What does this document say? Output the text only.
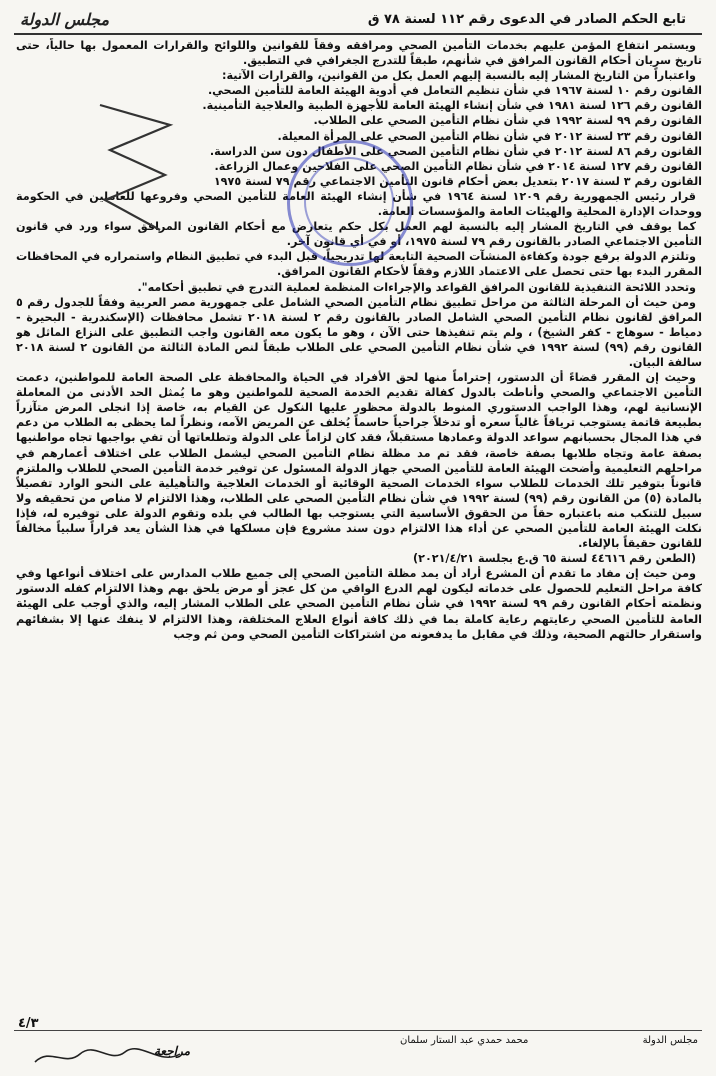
مجلس الدولة	تابع الحكم الصادر في الدعوى رقم ١١٢ لسنة ٧٨ ق

ويستمر انتفاع المؤمن عليهم بخدمات التأمين الصحي ومرافقه وفقاً للقوانين واللوائح والقرارات المعمول بها حالياً، حتى تاريخ سريان أحكام القانون المرافق في شأنهم، طبقاً للتدرج الجغرافي في التطبيق.

واعتباراً من التاريخ المشار إليه بالنسبة إليهم العمل بكل من القوانين، والقرارات الآتية:

القانون رقم ١٠ لسنة ١٩٦٧ في شأن تنظيم التعامل في أدوية الهيئة العامة للتأمين الصحي.
القانون رقم ١٢٦ لسنة ١٩٨١ في شأن إنشاء الهيئة العامة للأجهزة الطبية والعلاجية التأمينية.
القانون رقم ٩٩ لسنة ١٩٩٢ في شأن نظام التأمين الصحي على الطلاب.
القانون رقم ٢٣ لسنة ٢٠١٢ في شأن نظام التأمين الصحي على المرأة المعيلة.
القانون رقم ٨٦ لسنة ٢٠١٢ في شأن نظام التأمين الصحي على الأطفال دون سن الدراسة.
القانون رقم ١٢٧ لسنة ٢٠١٤ في شأن نظام التأمين الصحي على الفلاحين وعمال الزراعة.
القانون رقم ٣ لسنة ٢٠١٧ بتعديل بعض أحكام قانون التأمين الاجتماعي رقم ٧٩ لسنة ١٩٧٥

قرار رئيس الجمهورية رقم ١٢٠٩ لسنة ١٩٦٤ في شأن إنشاء الهيئة العامة للتأمين الصحي وفروعها للعاملين في الحكومة ووحدات الإدارة المحلية والهيئات العامة والمؤسسات العامة.

كما يوقف في التاريخ المشار إليه بالنسبة لهم العمل بكل حكم يتعارض مع أحكام القانون المرافق سواء ورد في قانون التأمين الاجتماعي الصادر بالقانون رقم ٧٩ لسنة ١٩٧٥، أو في أي قانون آخر.

وتلتزم الدولة برفع جودة وكفاءة المنشآت الصحية التابعة لها تدريجياً، قبل البدء في تطبيق النظام واستمراره في المحافظات المقرر البدء بها حتى تحصل على الاعتماد اللازم وفقاً لأحكام القانون المرافق.

وتحدد اللائحة التنفيذية للقانون المرافق القواعد والإجراءات المنظمة لعملية التدرج في تطبيق أحكامه".

ومن حيث أن المرحلة الثالثة من مراحل تطبيق نظام التأمين الصحي الشامل على جمهورية مصر العربية وفقاً للجدول رقم ٥ المرافق لقانون نظام التأمين الصحي الشامل الصادر بالقانون رقم ٢ لسنة ٢٠١٨ تشمل محافظات (الإسكندرية - البحيرة - دمياط - سوهاج - كفر الشيخ) ، ولم يتم تنفيذها حتى الآن ، وهو ما يكون معه القانون واجب التطبيق على النزاع الماثل هو القانون رقم (٩٩) لسنة ١٩٩٢ في شأن نظام التأمين الصحي على الطلاب طبقاً لنص المادة الثالثة من القانون ٢ لسنة ٢٠١٨ سالفة البيان.

وحيث إن المقرر قضاءً أن الدستور، إحتراماً منها لحق الأفراد في الحياة والمحافظة على الصحة العامة للمواطنين، دعمت التأمين الاجتماعي والصحي وأناطت بالدول كفالة تقديم الخدمة الصحية للمواطنين وهو ما يُمثل الحد الأدنى من المعاملة الإنسانية لهم، وهذا الواجب الدستوري المنوط بالدولة محظور عليها النكول عن القيام به، خاصة إذا انجلى المرض متآزراً بطبيعة قاتمة يستوجب ترياقاً غالياً سعره أو تدخلاً جراحياً حاسماً يُخلف عن المريض الآمه، ونظراً لما يحظى به الطلاب من دعم في هذا المجال بحسبانهم سواعد الدولة وعمادها مستقبلاً، فقد كان لزاماً على الدولة وتطلعاتها أن تفي بواجبها تجاه مواطنيها بصفة عامة وتجاه طلابها بصفة خاصة، فقد تم مد مظلة نظام التأمين الصحي ليشمل الطلاب على اختلاف أعمارهم في مراحلهم التعليمية وأضحت الهيئة العامة للتأمين الصحي جهاز الدولة المسئول عن توفير خدمة التأمين الصحي للطلاب والملتزم قانوناً بتوفير تلك الخدمات للطلاب سواء الخدمات الصحية الوقائية أو الخدمات العلاجية والتأهيلية على النحو الوارد تفصيلاً بالمادة (٥) من القانون رقم (٩٩) لسنة ١٩٩٢ في شأن نظام التأمين الصحي على الطلاب، وهذا الالتزام لا مناص من تحقيقه ولا سبيل للتنكب منه باعتباره حقاً من الحقوق الأساسية التي يستوجب بها الطالب في بلده وتقوم الدولة على توفيره له، فإذا نكلت الهيئة العامة للتأمين الصحي عن أداء هذا الالتزام دون سند مشروع فإن مسلكها في هذا الشأن يعد قراراً سلبياً مخالفاً للقانون حقيقاً بالإلغاء.

(الطعن رقم ٤٤٦١٦ لسنة ٦٥ ق.ع بجلسة ٢٠٢١/٤/٢١)

ومن حيث إن مفاد ما تقدم أن المشرع أراد أن يمد مظلة التأمين الصحي إلى جميع طلاب المدارس على اختلاف أنواعها وفي كافة مراحل التعليم للحصول على خدماته ليكون لهم الدرع الواقي من كل عجز أو مرض يلحق بهم وهذا الالتزام كفله الدستور ونظمته أحكام القانون رقم ٩٩ لسنة ١٩٩٢ في شأن نظام التأمين الصحي على الطلاب المشار إليه، والذي أوجب على الهيئة العامة للتأمين الصحي رعايتهم رعاية كاملة بما في ذلك كافة أنواع العلاج المختلفة، وهذا الالتزام لا ينفك عنها إلا بشفائهم واستقرار حالتهم الصحية، وذلك في مقابل ما يدفعونه من اشتراكات التأمين الصحي ومن ثم وجب

٤/٣
مجلس الدولة
محمد حمدي عبد الستار سلمان
مراجعة
